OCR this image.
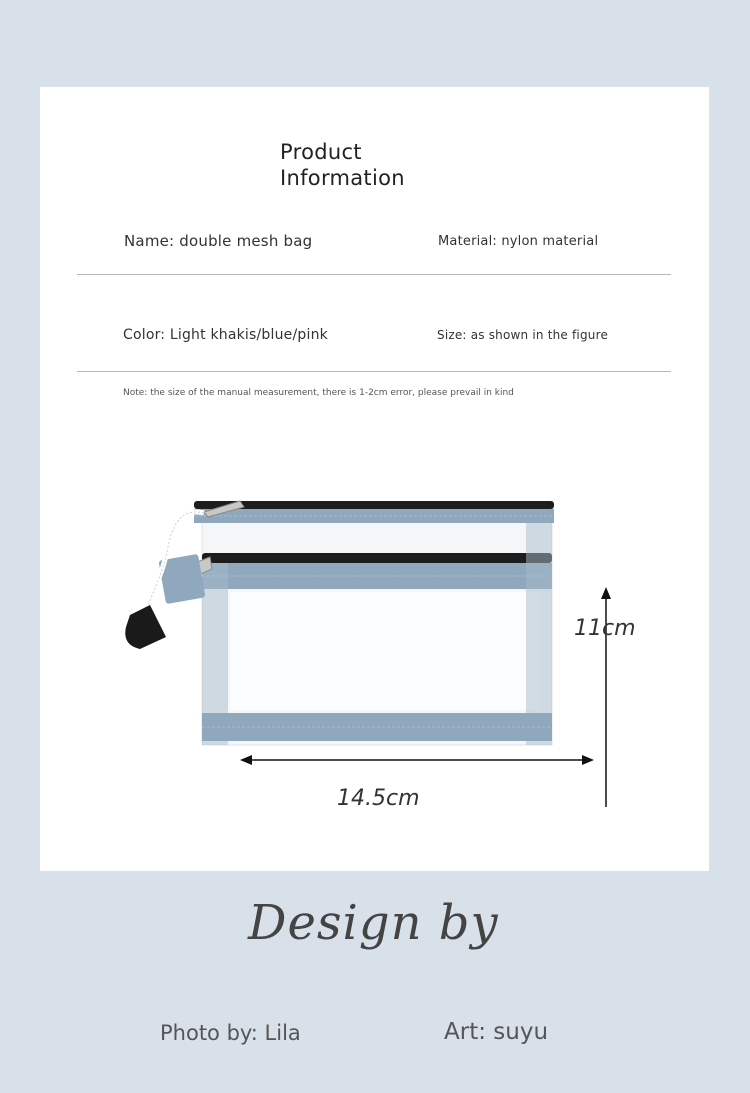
Product
Information
Name: double mesh bag	Material: nylon material
Color: Light khakis/blue/pink	Size: as shown in the figure
Note: the size of the manual measurement, there is 1-2cm error, please prevail in kind
14.5cm
11cm
Design by
Photo by: Lila	Art: suyu
